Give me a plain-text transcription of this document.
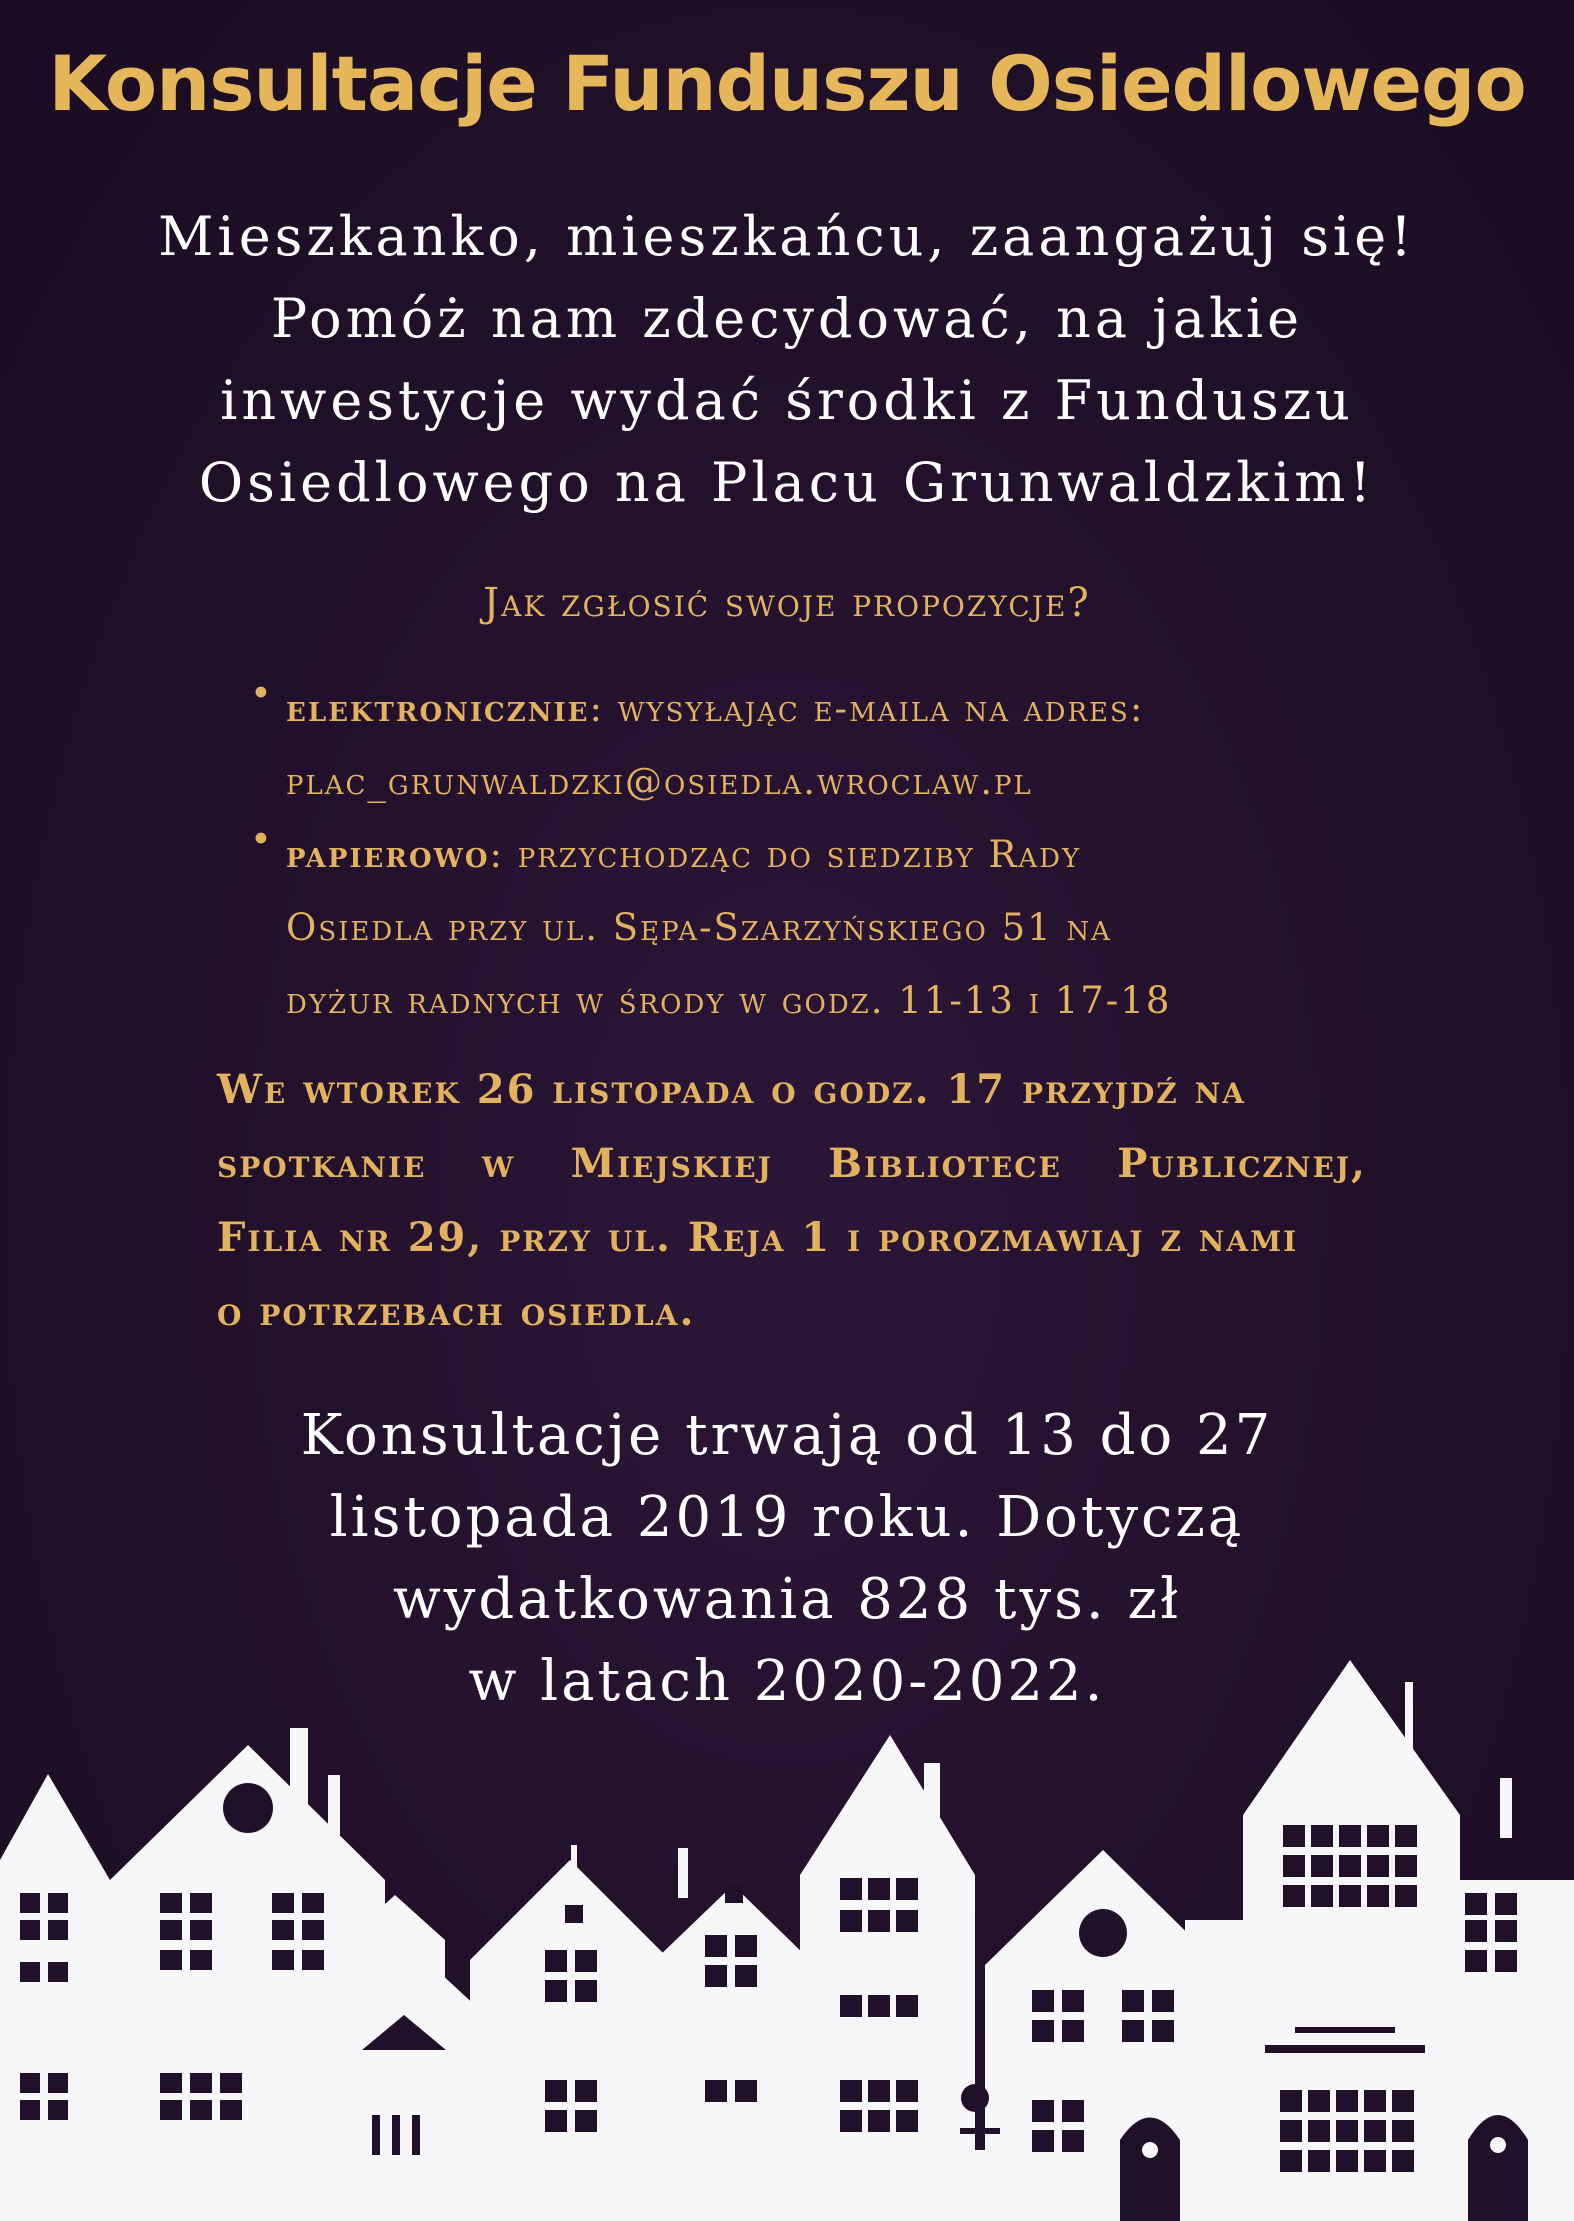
Konsultacje Funduszu Osiedlowego
Mieszkanko, mieszkańcu, zaangażuj się!
Pomóż nam zdecydować, na jakie
inwestycje wydać środki z Funduszu
Osiedlowego na Placu Grunwaldzkim!
Jak zgłosić swoje propozycje?
• elektronicznie: wysyłając e-maila na adres:
plac_grunwaldzki@osiedla.wroclaw.pl
• papierowo: przychodząc do siedziby Rady
Osiedla przy ul. Sępa-Szarzyńskiego 51 na
dyżur radnych w środy w godz. 11-13 i 17-18
We wtorek 26 listopada o godz. 17 przyjdź na
spotkanie w Miejskiej Bibliotece Publicznej,
Filia nr 29, przy ul. Reja 1 i porozmawiaj z nami
o potrzebach osiedla.
Konsultacje trwają od 13 do 27
listopada 2019 roku. Dotyczą
wydatkowania 828 tys. zł
w latach 2020-2022.
